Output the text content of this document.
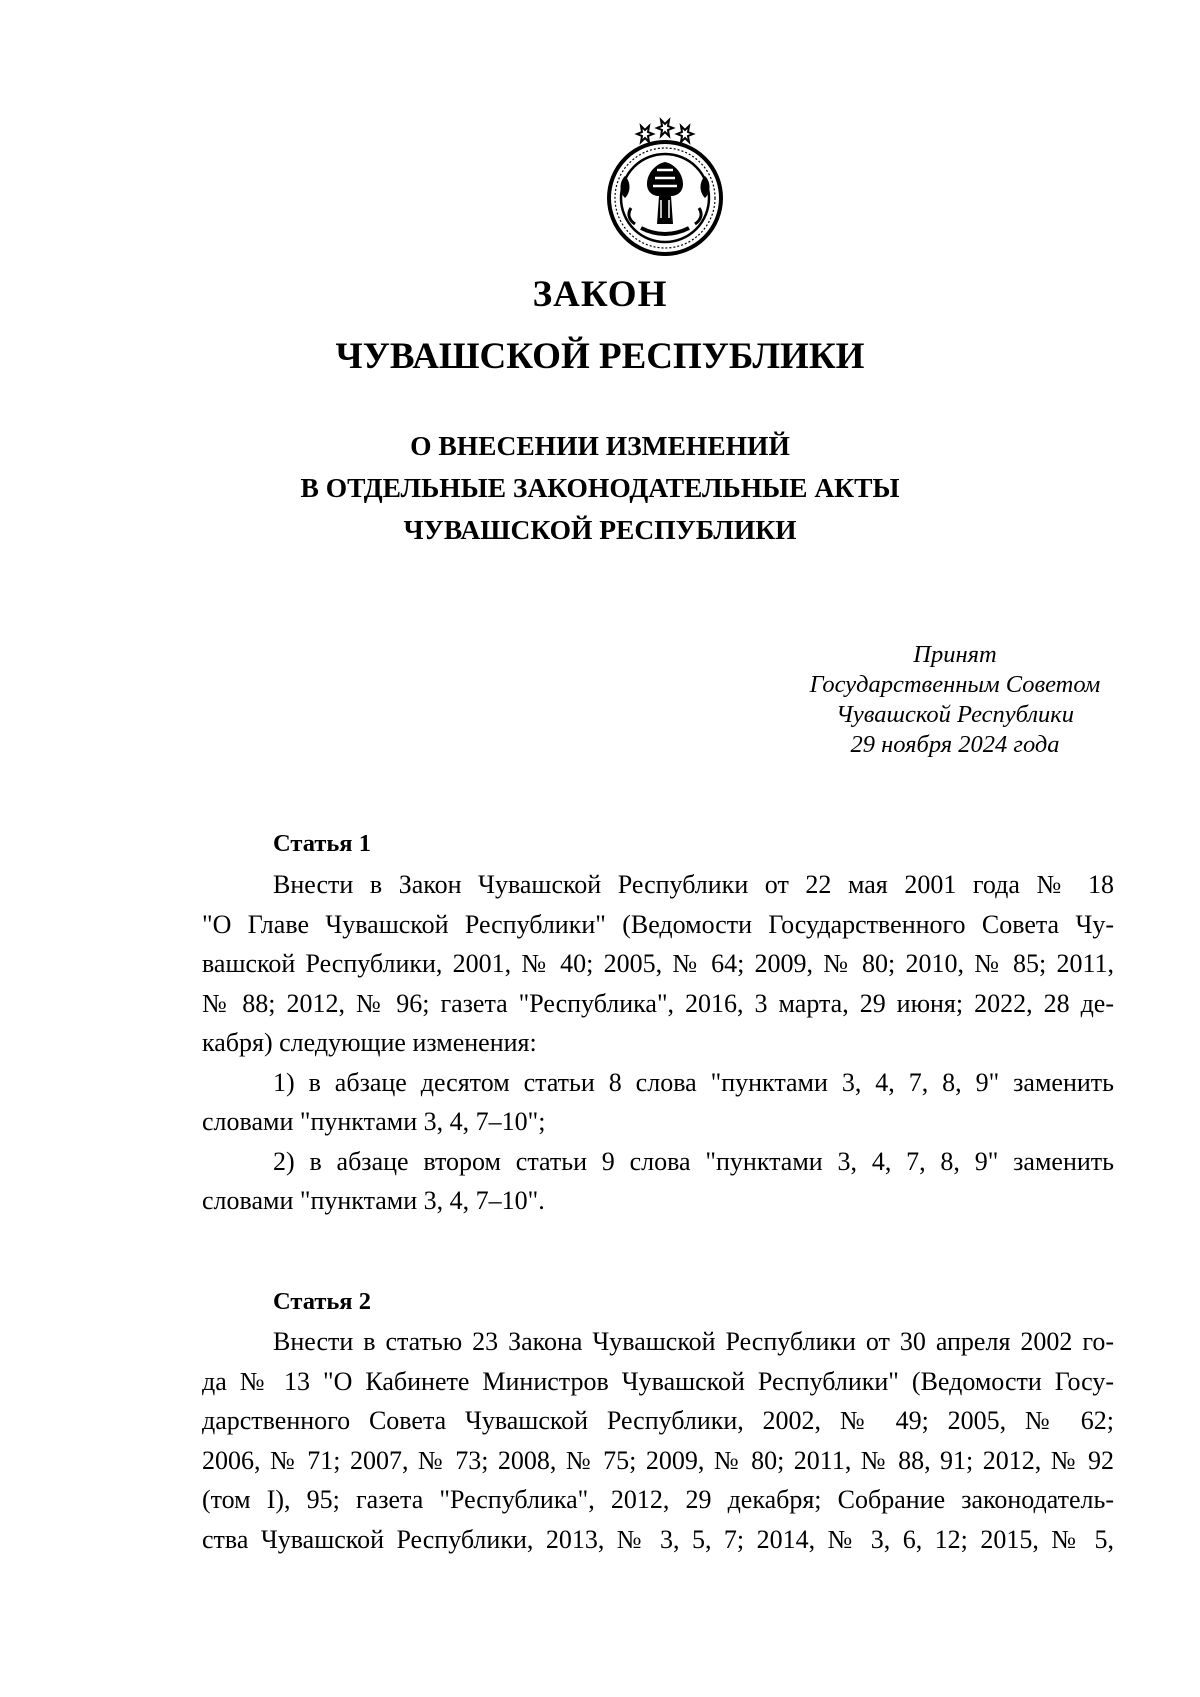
ЗАКОН
ЧУВАШСКОЙ РЕСПУБЛИКИ
О ВНЕСЕНИИ ИЗМЕНЕНИЙ
В ОТДЕЛЬНЫЕ ЗАКОНОДАТЕЛЬНЫЕ АКТЫ
ЧУВАШСКОЙ РЕСПУБЛИКИ
Принят
Государственным Советом
Чувашской Республики
29 ноября 2024 года
Статья 1

Внести в Закон Чувашской Республики от 22 мая 2001 года № 18
"О Главе Чувашской Республики" (Ведомости Государственного Совета Чу-
вашской Республики, 2001, № 40; 2005, № 64; 2009, № 80; 2010, № 85; 2011,
№ 88; 2012, № 96; газета "Республика", 2016, 3 марта, 29 июня; 2022, 28 де-
кабря) следующие изменения:

1) в абзаце десятом статьи 8 слова "пунктами 3, 4, 7, 8, 9" заменить
словами "пунктами 3, 4, 7–10";

2) в абзаце втором статьи 9 слова "пунктами 3, 4, 7, 8, 9" заменить
словами "пунктами 3, 4, 7–10".

Статья 2

Внести в статью 23 Закона Чувашской Республики от 30 апреля 2002 го-
да № 13 "О Кабинете Министров Чувашской Республики" (Ведомости Госу-
дарственного Совета Чувашской Республики, 2002, № 49; 2005, № 62;
2006, № 71; 2007, № 73; 2008, № 75; 2009, № 80; 2011, № 88, 91; 2012, № 92
(том I), 95; газета "Республика", 2012, 29 декабря; Собрание законодатель-
ства Чувашской Республики, 2013, № 3, 5, 7; 2014, № 3, 6, 12; 2015, № 5,
